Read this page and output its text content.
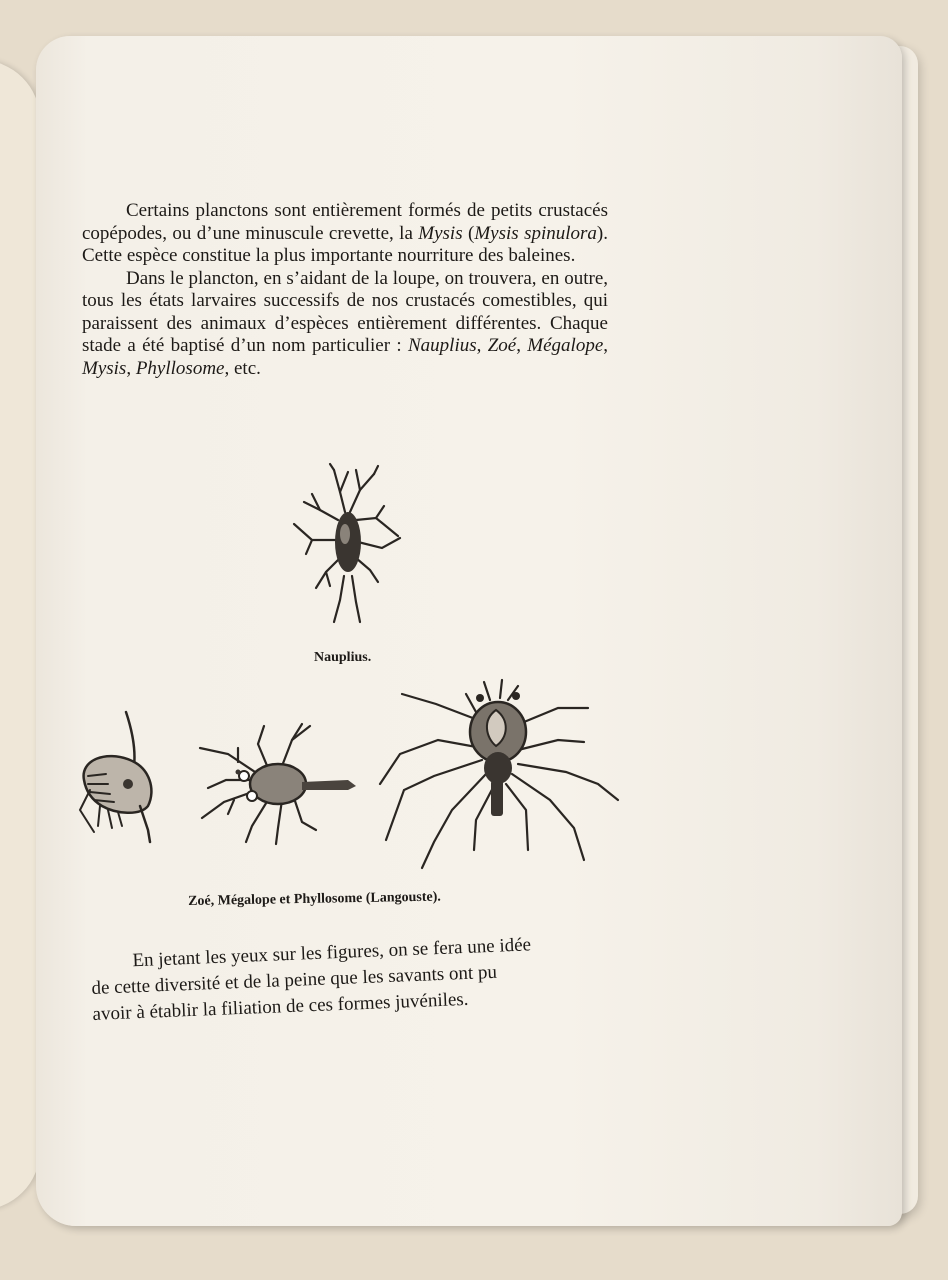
Certains planctons sont entièrement formés de petits crustacés copépodes, ou d’une minuscule crevette, la Mysis (Mysis spinulora). Cette espèce constitue la plus importante nourriture des baleines.

Dans le plancton, en s’aidant de la loupe, on trouvera, en outre, tous les états larvaires successifs de nos crustacés comestibles, qui paraissent des animaux d’espèces entièrement différentes. Chaque stade a été baptisé d’un nom particulier : Nauplius, Zoé, Mégalope, Mysis, Phyllosome, etc.

Nauplius.
Zoé, Mégalope et Phyllosome (Langouste).
En jetant les yeux sur les figures, on se fera une idée
de cette diversité et de la peine que les savants ont pu
avoir à établir la filiation de ces formes juvéniles.
